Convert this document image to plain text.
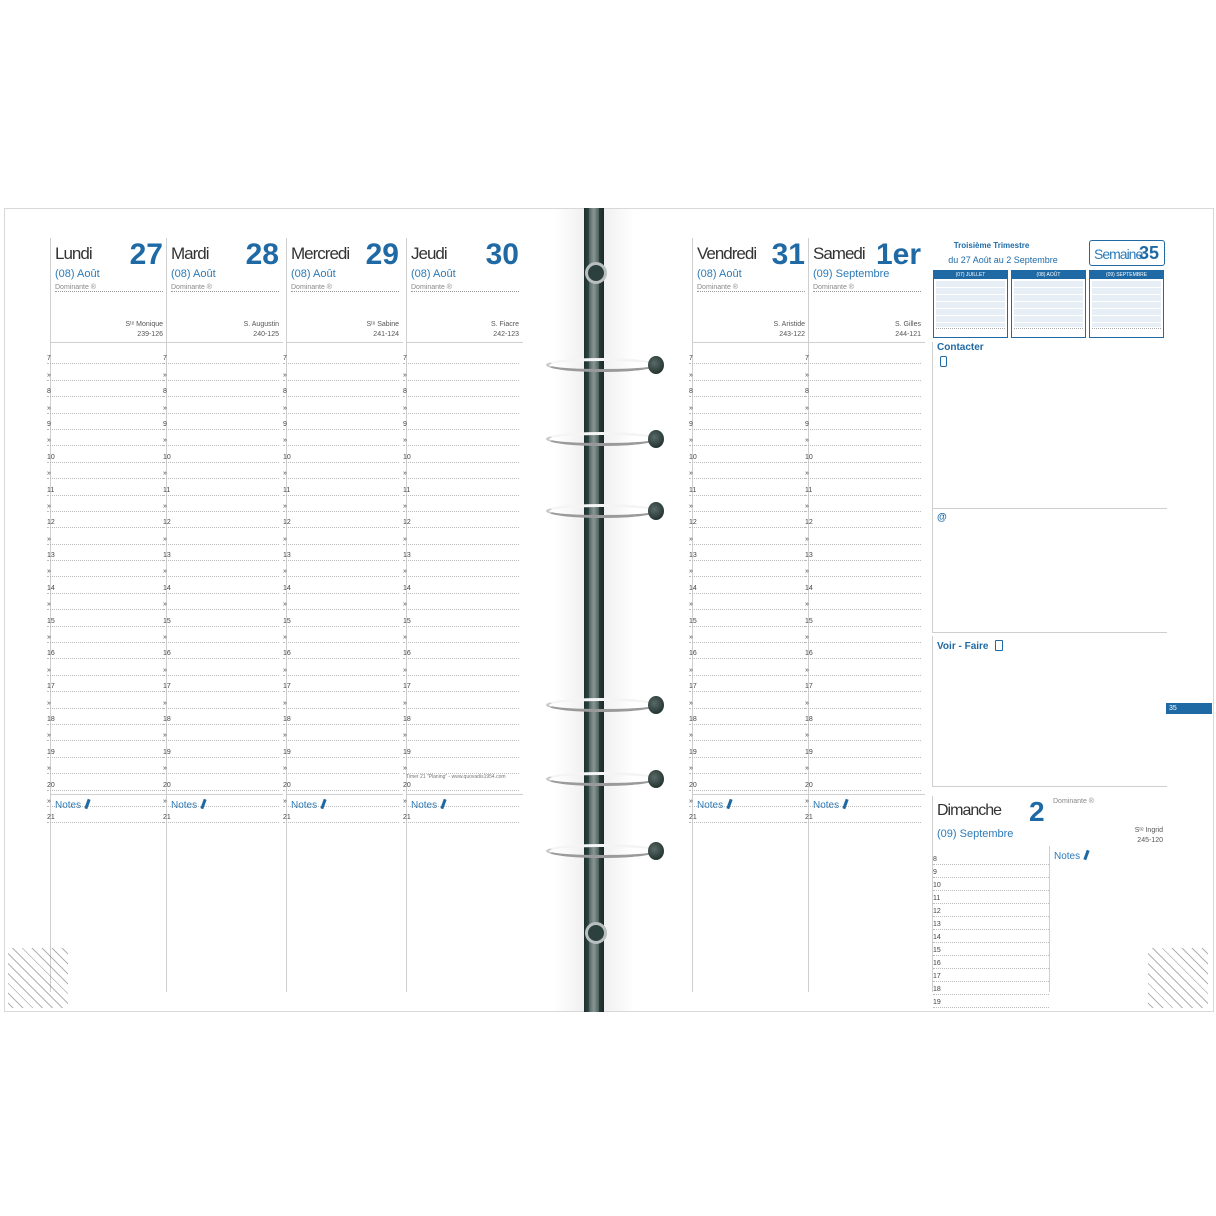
Lundi 27
(08) Août
Dominante ®
Sᵗᵉ Monique
239-126
7
»
8
»
9
»
10
»
11
»
12
»
13
»
14
»
15
»
16
»
17
»
18
»
19
»
20
»
21
Notes
Mardi 28
(08) Août
Dominante ®
S. Augustin
240-125
7
»
8
»
9
»
10
»
11
»
12
»
13
»
14
»
15
»
16
»
17
»
18
»
19
»
20
»
21
Notes
Mercredi 29
(08) Août
Dominante ®
Sᵗᵉ Sabine
241-124
7
»
8
»
9
»
10
»
11
»
12
»
13
»
14
»
15
»
16
»
17
»
18
»
19
»
20
»
21
Notes
Jeudi 30
(08) Août
Dominante ®
S. Fiacre
242-123
7
»
8
»
9
»
10
»
11
»
12
»
13
»
14
»
15
»
16
»
17
»
18
»
19
»
20
»
21
Notes
Vendredi 31
(08) Août
Dominante ®
S. Aristide
243-122
7
»
8
»
9
»
10
»
11
»
12
»
13
»
14
»
15
»
16
»
17
»
18
»
19
»
20
»
21
Notes
Samedi 1er
(09) Septembre
Dominante ®
S. Gilles
244-121
7
»
8
»
9
»
10
»
11
»
12
»
13
»
14
»
15
»
16
»
17
»
18
»
19
»
20
»
21
Notes
Timer 21 "Planing" - www.quovadis1954.com
Troisième Trimestre
du 27 Août au 2 Septembre	Semaine
35
(07) JUILLET	(08) AOÛT	(09) SEPTEMBRE
Contacter
@
Voir - Faire
35
Dimanche 2 Dominante ®
(09) Septembre	Sᵗᵉ Ingrid
245-120
8
9
10
11
12
13
14
15
16
17
18
19
Notes
